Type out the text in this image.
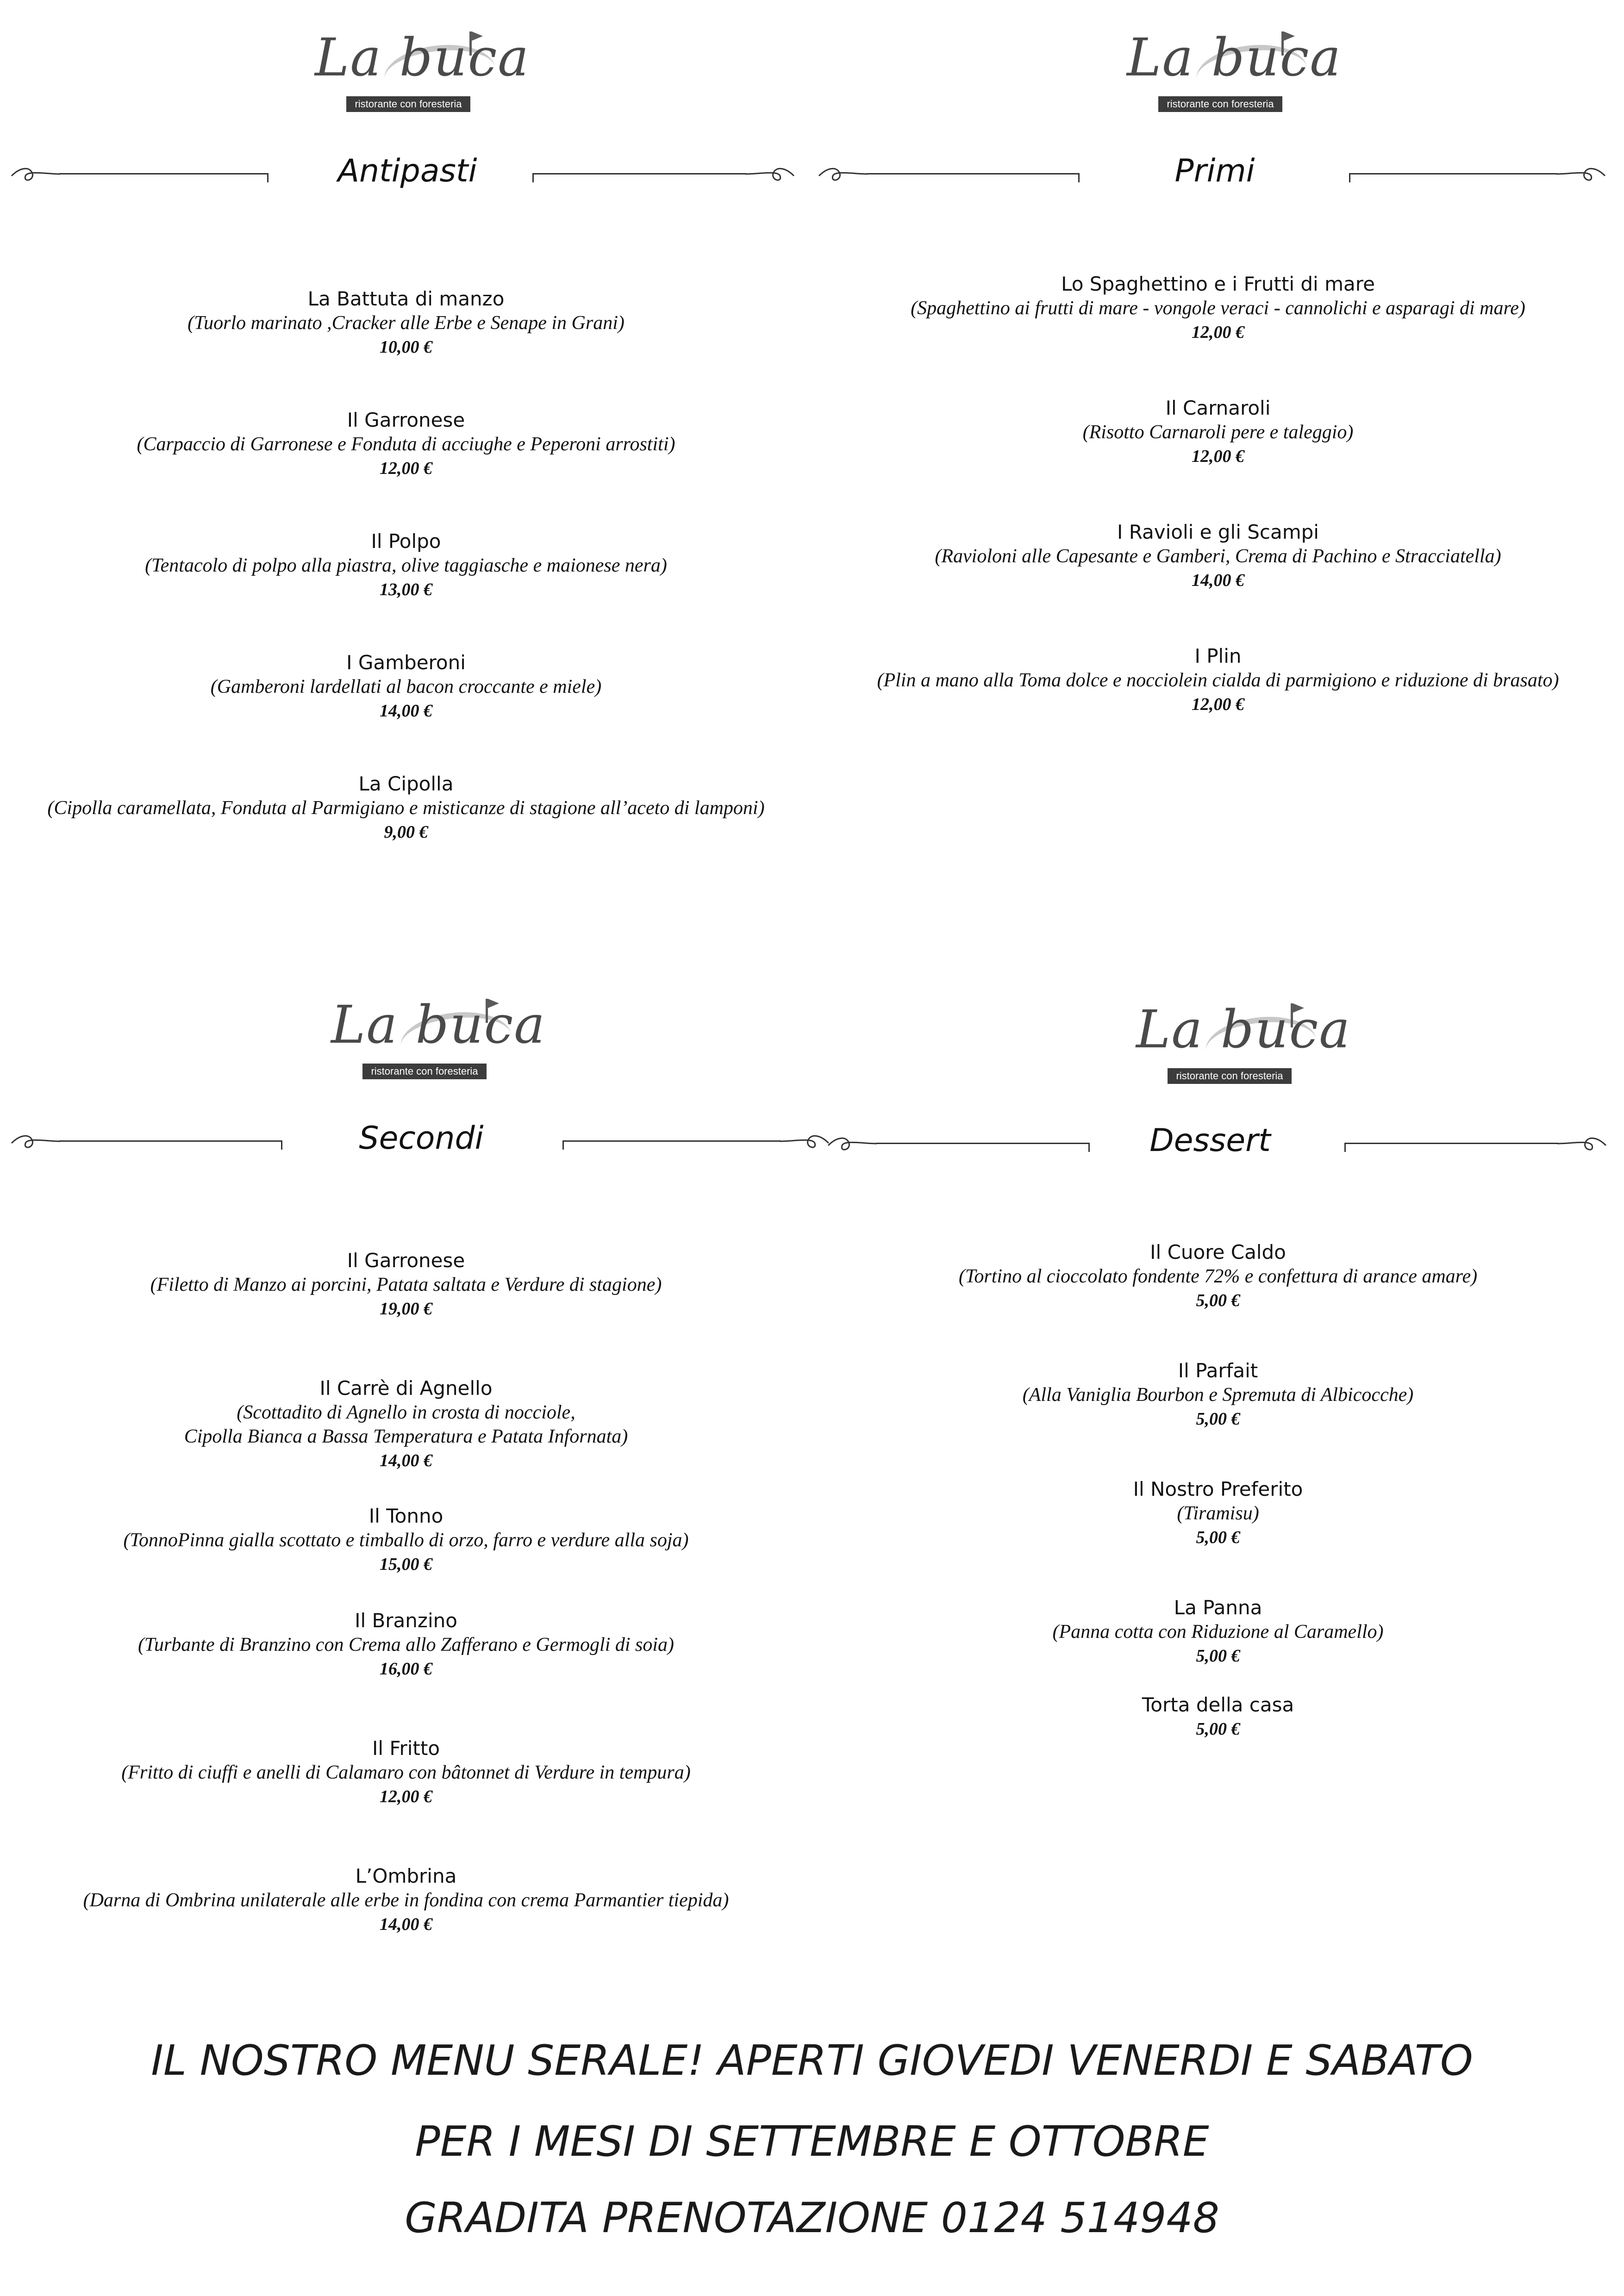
La buca
ristorante con foresteria
Antipasti
La Battuta di manzo
(Tuorlo marinato ,Cracker alle Erbe e Senape in Grani)
10,00 €
Il Garronese
(Carpaccio di Garronese e Fonduta di acciughe e Peperoni arrostiti)
12,00 €
Il Polpo
(Tentacolo di polpo alla piastra, olive taggiasche e maionese nera)
13,00 €
I Gamberoni
(Gamberoni lardellati al bacon croccante e miele)
14,00 €
La Cipolla
(Cipolla caramellata, Fonduta al Parmigiano e misticanze di stagione all’aceto di lamponi)
9,00 €
La buca
ristorante con foresteria
Primi
Lo Spaghettino e i Frutti di mare
(Spaghettino ai frutti di mare - vongole veraci - cannolichi e asparagi di mare)
12,00 €
Il Carnaroli
(Risotto Carnaroli pere e taleggio)
12,00 €
I Ravioli e gli Scampi
(Ravioloni alle Capesante e Gamberi, Crema di Pachino e Stracciatella)
14,00 €
I Plin
(Plin a mano alla Toma dolce e nocciolein cialda di parmigiono e riduzione di brasato)
12,00 €
La buca
ristorante con foresteria
Secondi
Il Garronese
(Filetto di Manzo ai porcini, Patata saltata e Verdure di stagione)
19,00 €
Il Carrè di Agnello
(Scottadito di Agnello in crosta di nocciole,
Cipolla Bianca a Bassa Temperatura e Patata Infornata)
14,00 €
Il Tonno
(TonnoPinna gialla scottato e timballo di orzo, farro e verdure alla soja)
15,00 €
Il Branzino
(Turbante di Branzino con Crema allo Zafferano e Germogli di soia)
16,00 €
Il Fritto
(Fritto di ciuffi e anelli di Calamaro con bâtonnet di Verdure in tempura)
12,00 €
L’Ombrina
(Darna di Ombrina unilaterale alle erbe in fondina con crema Parmantier tiepida)
14,00 €
La buca
ristorante con foresteria
Dessert
Il Cuore Caldo
(Tortino al cioccolato fondente 72% e confettura di arance amare)
5,00 €
Il Parfait
(Alla Vaniglia Bourbon e Spremuta di Albicocche)
5,00 €
Il Nostro Preferito
(Tiramisu)
5,00 €
La Panna
(Panna cotta con Riduzione al Caramello)
5,00 €
Torta della casa
5,00 €
IL NOSTRO MENU SERALE! APERTI GIOVEDI VENERDI E SABATO
PER I MESI DI SETTEMBRE E OTTOBRE
GRADITA PRENOTAZIONE 0124 514948
